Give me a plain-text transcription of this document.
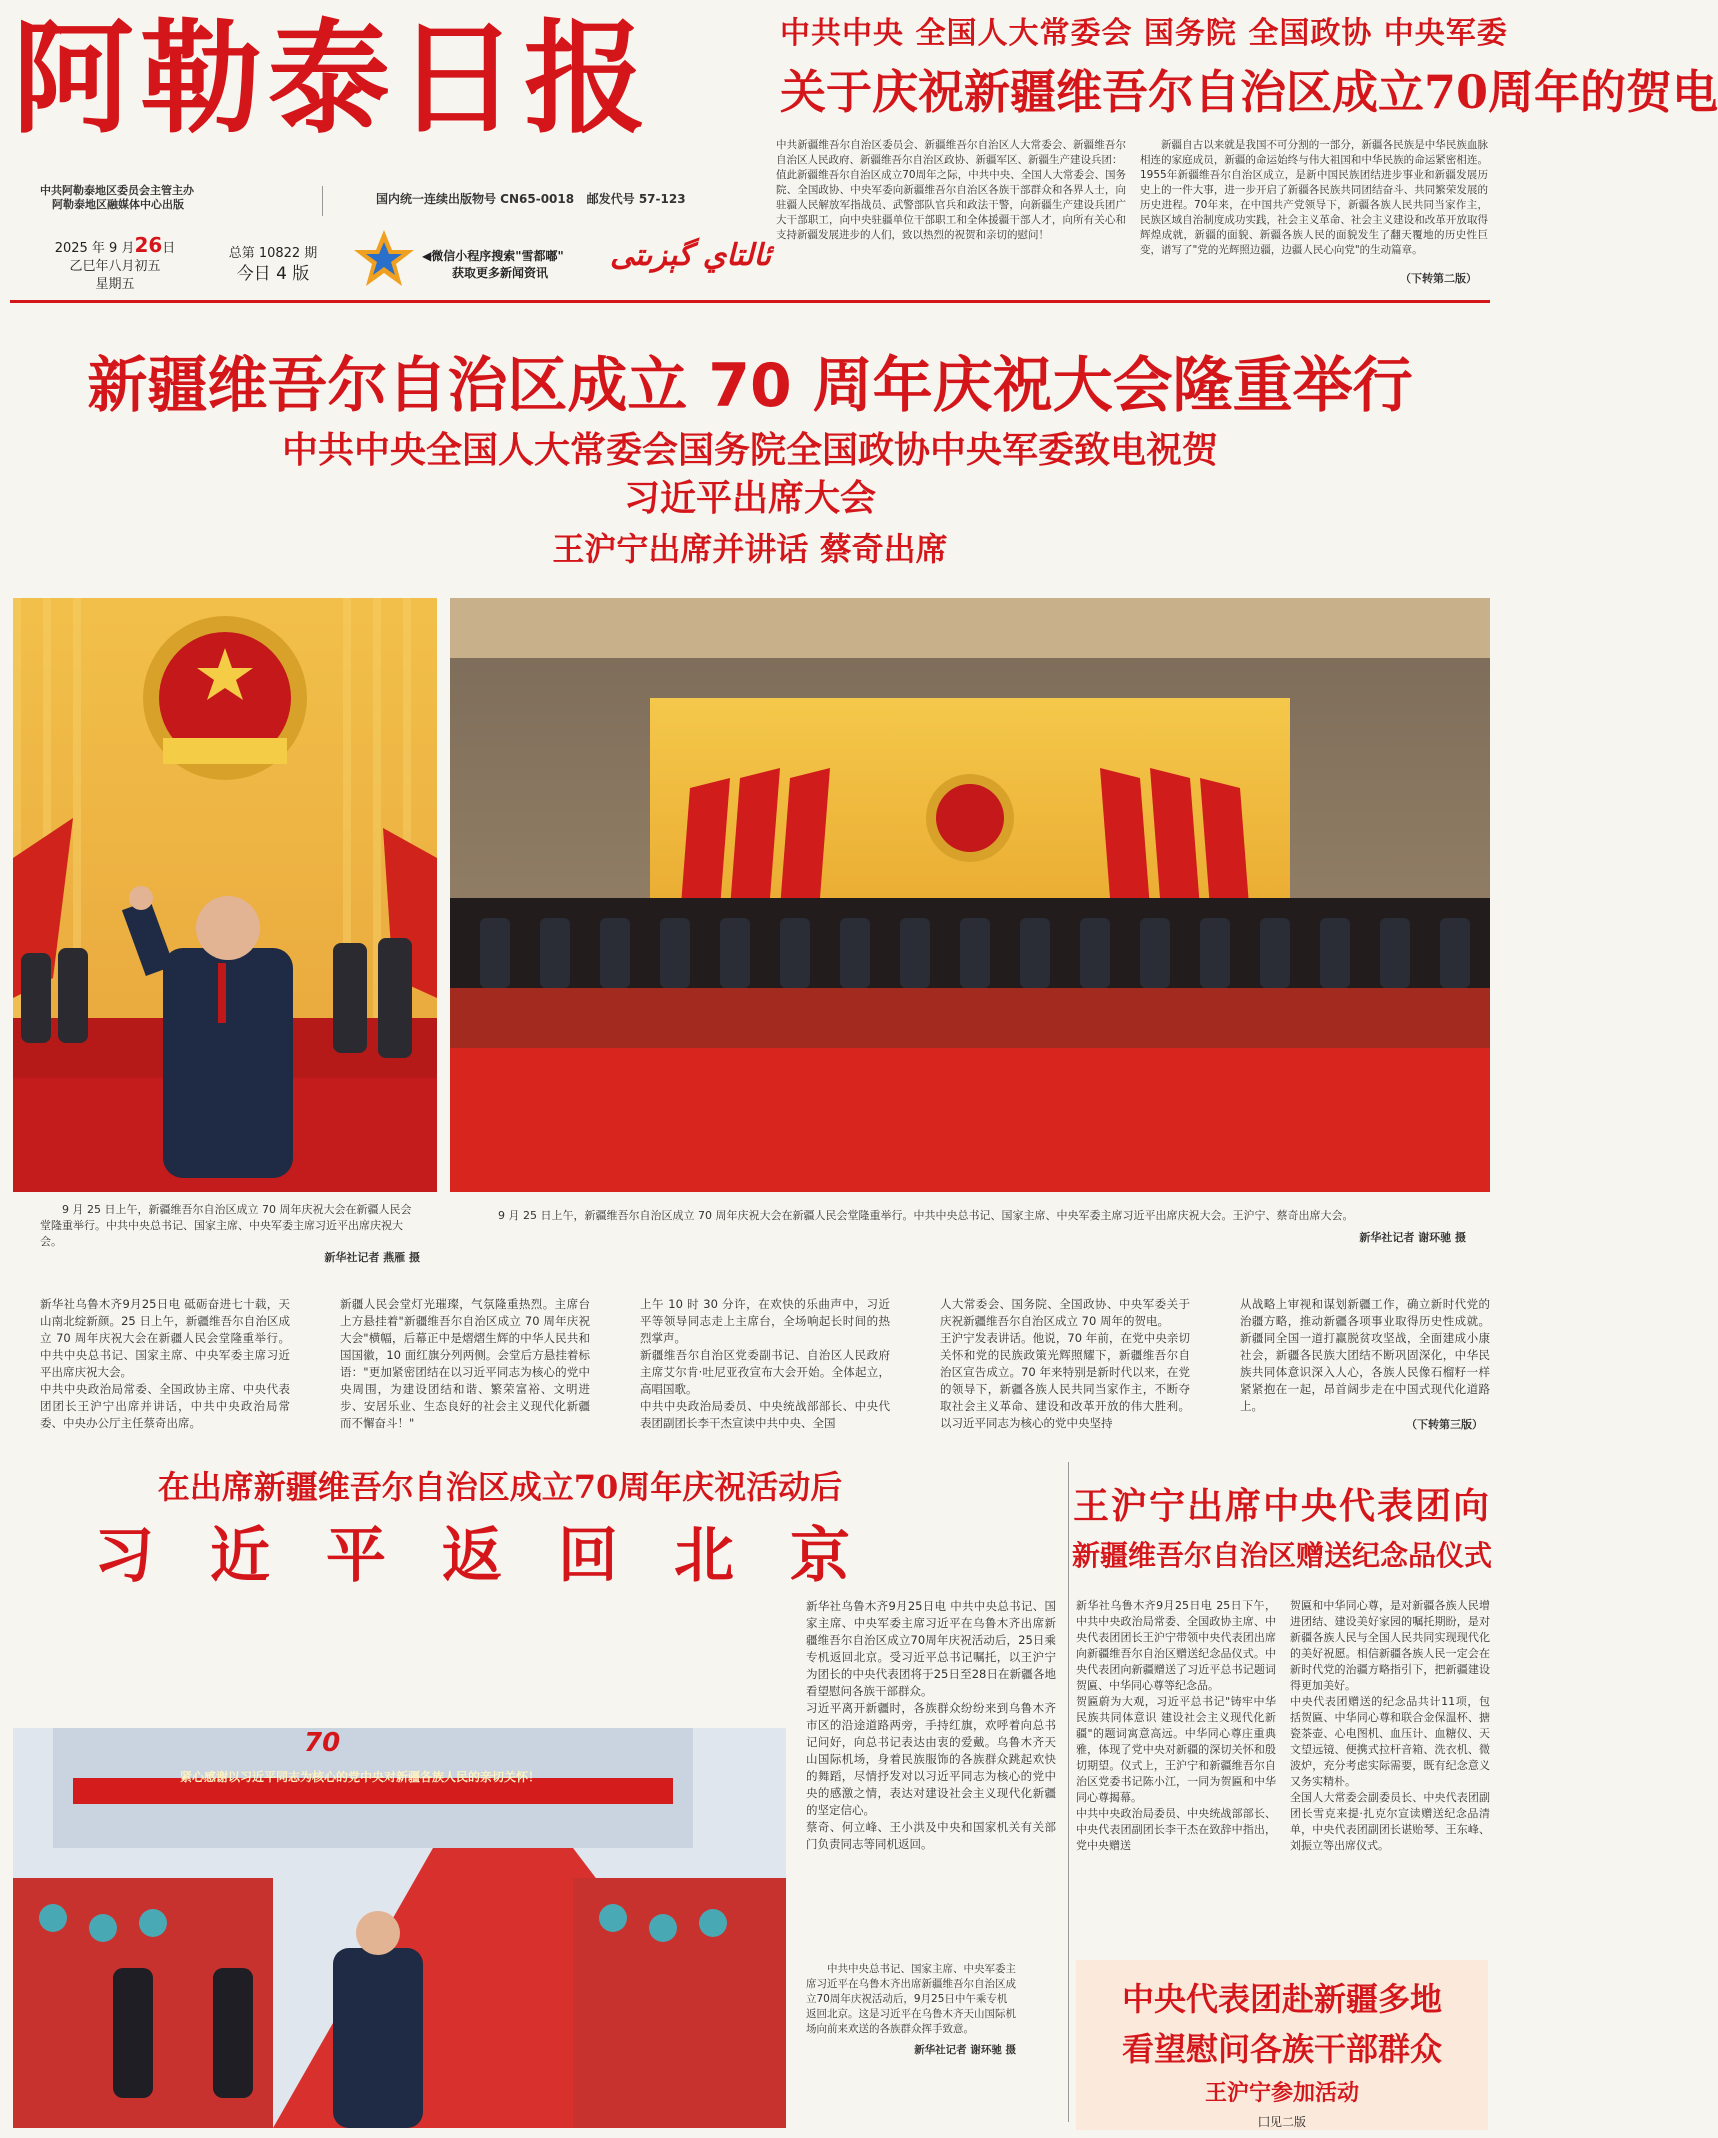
阿勒泰日报
中共阿勒泰地区委员会主管主办
阿勒泰地区融媒体中心出版	国内统一连续出版物号 CN65-0018 邮发代号 57-123
2025 年 9 月26日
乙巳年八月初五
星期五
总第 10822 期
今日 4 版
◀微信小程序搜索"雪都嘟"
获取更多新闻资讯	ئالتاي گېزىتى
中共中央 全国人大常委会 国务院 全国政协 中央军委
关于庆祝新疆维吾尔自治区成立70周年的贺电
中共新疆维吾尔自治区委员会、新疆维吾尔自治区人大常委会、新疆维吾尔自治区人民政府、新疆维吾尔自治区政协、新疆军区、新疆生产建设兵团：
值此新疆维吾尔自治区成立70周年之际，中共中央、全国人大常委会、国务院、全国政协、中央军委向新疆维吾尔自治区各族干部群众和各界人士，向驻疆人民解放军指战员、武警部队官兵和政法干警，向新疆生产建设兵团广大干部职工，向中央驻疆单位干部职工和全体援疆干部人才，向所有关心和支持新疆发展进步的人们，致以热烈的祝贺和亲切的慰问！
新疆自古以来就是我国不可分割的一部分，新疆各民族是中华民族血脉相连的家庭成员，新疆的命运始终与伟大祖国和中华民族的命运紧密相连。1955年新疆维吾尔自治区成立，是新中国民族团结进步事业和新疆发展历史上的一件大事，进一步开启了新疆各民族共同团结奋斗、共同繁荣发展的历史进程。70年来，在中国共产党领导下，新疆各族人民共同当家作主，民族区域自治制度成功实践，社会主义革命、社会主义建设和改革开放取得辉煌成就，新疆的面貌、新疆各族人民的面貌发生了翻天覆地的历史性巨变，谱写了"党的光辉照边疆，边疆人民心向党"的生动篇章。
（下转第二版）
新疆维吾尔自治区成立 70 周年庆祝大会隆重举行
中共中央全国人大常委会国务院全国政协中央军委致电祝贺
习近平出席大会
王沪宁出席并讲话 蔡奇出席
9 月 25 日上午，新疆维吾尔自治区成立 70 周年庆祝大会在新疆人民会堂隆重举行。中共中央总书记、国家主席、中央军委主席习近平出席庆祝大会。
新华社记者 燕雁 摄
9 月 25 日上午，新疆维吾尔自治区成立 70 周年庆祝大会在新疆人民会堂隆重举行。中共中央总书记、国家主席、中央军委主席习近平出席庆祝大会。王沪宁、蔡奇出席大会。
新华社记者 谢环驰 摄
新华社乌鲁木齐9月25日电 砥砺奋进七十载，天山南北绽新颜。25 日上午，新疆维吾尔自治区成立 70 周年庆祝大会在新疆人民会堂隆重举行。中共中央总书记、国家主席、中央军委主席习近平出席庆祝大会。
中共中央政治局常委、全国政协主席、中央代表团团长王沪宁出席并讲话，中共中央政治局常委、中央办公厅主任蔡奇出席。
新疆人民会堂灯光璀璨，气氛隆重热烈。主席台上方悬挂着"新疆维吾尔自治区成立 70 周年庆祝大会"横幅，后幕正中是熠熠生辉的中华人民共和国国徽，10 面红旗分列两侧。会堂后方悬挂着标语："更加紧密团结在以习近平同志为核心的党中央周围，为建设团结和谐、繁荣富裕、文明进步、安居乐业、生态良好的社会主义现代化新疆而不懈奋斗！"
上午 10 时 30 分许，在欢快的乐曲声中，习近平等领导同志走上主席台，全场响起长时间的热烈掌声。
新疆维吾尔自治区党委副书记、自治区人民政府主席艾尔肯·吐尼亚孜宣布大会开始。全体起立，高唱国歌。
中共中央政治局委员、中央统战部部长、中央代表团副团长李干杰宣读中共中央、全国
人大常委会、国务院、全国政协、中央军委关于庆祝新疆维吾尔自治区成立 70 周年的贺电。
王沪宁发表讲话。他说，70 年前，在党中央亲切关怀和党的民族政策光辉照耀下，新疆维吾尔自治区宣告成立。70 年来特别是新时代以来，在党的领导下，新疆各族人民共同当家作主，不断夺取社会主义革命、建设和改革开放的伟大胜利。以习近平同志为核心的党中央坚持
从战略上审视和谋划新疆工作，确立新时代党的治疆方略，推动新疆各项事业取得历史性成就。新疆同全国一道打赢脱贫攻坚战，全面建成小康社会，新疆各民族大团结不断巩固深化，中华民族共同体意识深入人心，各族人民像石榴籽一样紧紧抱在一起，昂首阔步走在中国式现代化道路上。
（下转第三版）
在出席新疆维吾尔自治区成立70周年庆祝活动后
习近平返回北京
紧心感谢以习近平同志为核心的党中央对新疆各族人民的亲切关怀！
70
新华社乌鲁木齐9月25日电 中共中央总书记、国家主席、中央军委主席习近平在乌鲁木齐出席新疆维吾尔自治区成立70周年庆祝活动后，25日乘专机返回北京。受习近平总书记嘱托，以王沪宁为团长的中央代表团将于25日至28日在新疆各地看望慰问各族干部群众。
习近平离开新疆时，各族群众纷纷来到乌鲁木齐市区的沿途道路两旁，手持红旗，欢呼着向总书记问好，向总书记表达由衷的爱戴。乌鲁木齐天山国际机场，身着民族服饰的各族群众跳起欢快的舞蹈，尽情抒发对以习近平同志为核心的党中央的感激之情，表达对建设社会主义现代化新疆的坚定信心。
蔡奇、何立峰、王小洪及中央和国家机关有关部门负责同志等同机返回。
中共中央总书记、国家主席、中央军委主席习近平在乌鲁木齐出席新疆维吾尔自治区成立70周年庆祝活动后，9月25日中午乘专机返回北京。这是习近平在乌鲁木齐天山国际机场向前来欢送的各族群众挥手致意。
新华社记者 谢环驰 摄
王沪宁出席中央代表团向
新疆维吾尔自治区赠送纪念品仪式
新华社乌鲁木齐9月25日电 25日下午，中共中央政治局常委、全国政协主席、中央代表团团长王沪宁带领中央代表团出席向新疆维吾尔自治区赠送纪念品仪式。中央代表团向新疆赠送了习近平总书记题词贺匾、中华同心尊等纪念品。
贺匾蔚为大观，习近平总书记"铸牢中华民族共同体意识 建设社会主义现代化新疆"的题词寓意高远。中华同心尊庄重典雅，体现了党中央对新疆的深切关怀和殷切期望。仪式上，王沪宁和新疆维吾尔自治区党委书记陈小江，一同为贺匾和中华同心尊揭幕。
中共中央政治局委员、中央统战部部长、中央代表团副团长李干杰在致辞中指出，党中央赠送
贺匾和中华同心尊，是对新疆各族人民增进团结、建设美好家园的嘱托期盼，是对新疆各族人民与全国人民共同实现现代化的美好祝愿。相信新疆各族人民一定会在新时代党的治疆方略指引下，把新疆建设得更加美好。
中央代表团赠送的纪念品共计11项，包括贺匾、中华同心尊和联合金保温杯、搪瓷茶壶、心电图机、血压计、血糖仪、天文望远镜、便携式拉杆音箱、洗衣机、微波炉，充分考虑实际需要，既有纪念意义又务实精朴。
全国人大常委会副委员长、中央代表团副团长雪克来提·扎克尔宣读赠送纪念品清单，中央代表团副团长谌贻琴、王东峰、刘振立等出席仪式。
中央代表团赴新疆多地
看望慰问各族干部群众
王沪宁参加活动
囗见二版
